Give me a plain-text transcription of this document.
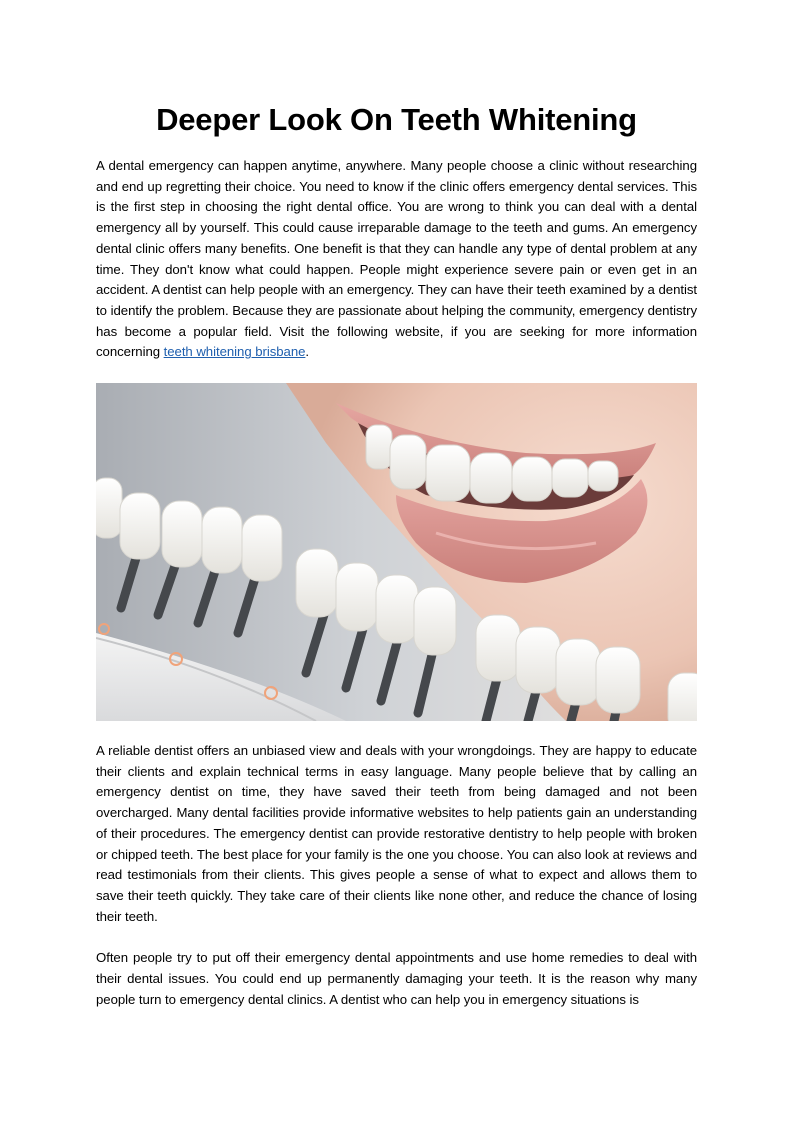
Deeper Look On Teeth Whitening

A dental emergency can happen anytime, anywhere. Many people choose a clinic without researching and end up regretting their choice. You need to know if the clinic offers emergency dental services. This is the first step in choosing the right dental office. You are wrong to think you can deal with a dental emergency all by yourself. This could cause irreparable damage to the teeth and gums. An emergency dental clinic offers many benefits. One benefit is that they can handle any type of dental problem at any time. They don't know what could happen. People might experience severe pain or even get in an accident. A dentist can help people with an emergency. They can have their teeth examined by a dentist to identify the problem. Because they are passionate about helping the community, emergency dentistry has become a popular field. Visit the following website, if you are seeking for more information concerning teeth whitening brisbane.

A reliable dentist offers an unbiased view and deals with your wrongdoings. They are happy to educate their clients and explain technical terms in easy language. Many people believe that by calling an emergency dentist on time, they have saved their teeth from being damaged and not been overcharged. Many dental facilities provide informative websites to help patients gain an understanding of their procedures. The emergency dentist can provide restorative dentistry to help people with broken or chipped teeth. The best place for your family is the one you choose. You can also look at reviews and read testimonials from their clients. This gives people a sense of what to expect and allows them to save their teeth quickly. They take care of their clients like none other, and reduce the chance of losing their teeth.

Often people try to put off their emergency dental appointments and use home remedies to deal with their dental issues. You could end up permanently damaging your teeth. It is the reason why many people turn to emergency dental clinics. A dentist who can help you in emergency situations is
